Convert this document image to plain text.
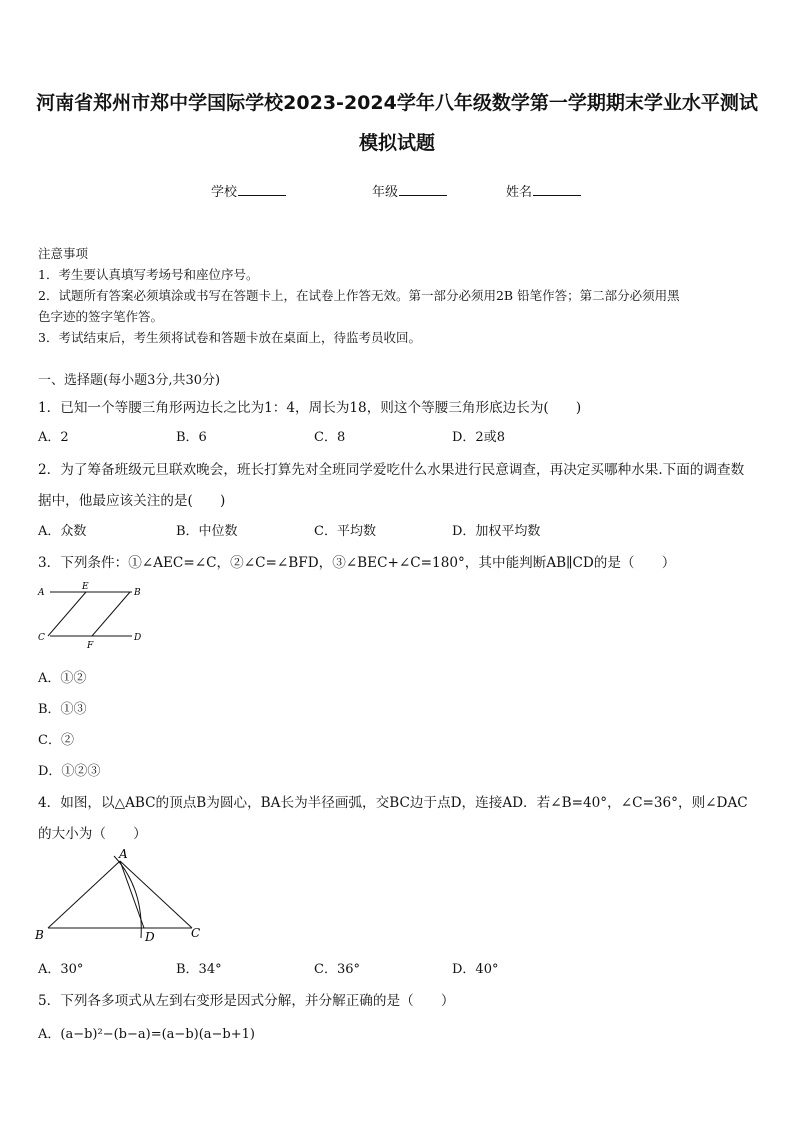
河南省郑州市郑中学国际学校2023-2024学年八年级数学第一学期期末学业水平测试
模拟试题
学校	年级	姓名
注意事项
1．考生要认真填写考场号和座位序号。
2．试题所有答案必须填涂或书写在答题卡上，在试卷上作答无效。第一部分必须用2B 铅笔作答；第二部分必须用黑
色字迹的签字笔作答。
3．考试结束后，考生须将试卷和答题卡放在桌面上，待监考员收回。
一、选择题(每小题3分,共30分)
1．已知一个等腰三角形两边长之比为1：4，周长为18，则这个等腰三角形底边长为(　　)
A．2	B．6	C．8	D．2或8
2．为了筹备班级元旦联欢晚会，班长打算先对全班同学爱吃什么水果进行民意调查，再决定买哪种水果.下面的调查数
据中，他最应该关注的是(　　)
A．众数	B．中位数	C．平均数	D．加权平均数
3．下列条件：①∠AEC=∠C，②∠C=∠BFD，③∠BEC+∠C=180°，其中能判断AB∥CD的是（　　）
A
E
B
C
F
D
A．①②
B．①③
C．②
D．①②③
4．如图，以△ABC的顶点B为圆心，BA长为半径画弧，交BC边于点D，连接AD．若∠B=40°，∠C=36°，则∠DAC
的大小为（　　）
A
B	D	C
A．30°	B．34°	C．36°	D．40°
5．下列各多项式从左到右变形是因式分解，并分解正确的是（　　）
A．(a−b)²−(b−a)=(a−b)(a−b+1)
